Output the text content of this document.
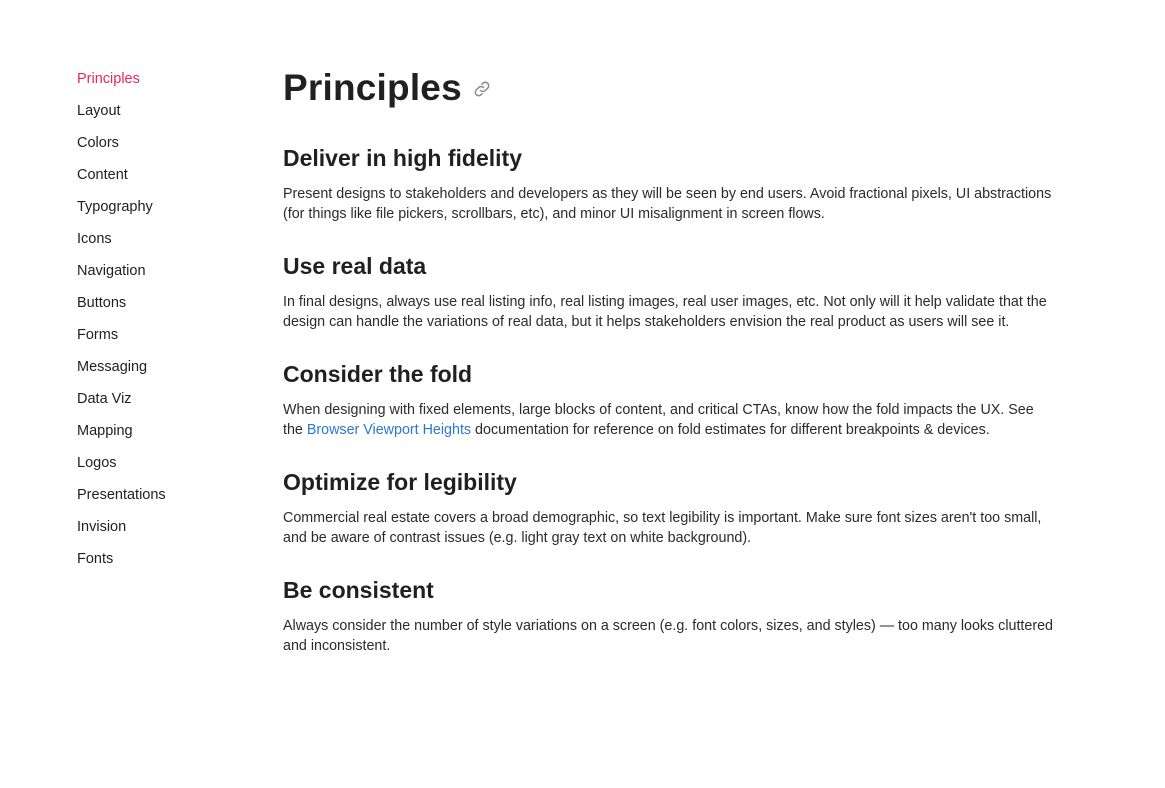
Principles
Layout
Colors
Content
Typography
Icons
Navigation
Buttons
Forms
Messaging
Data Viz
Mapping
Logos
Presentations
Invision
Fonts
Principles
Deliver in high fidelity

Present designs to stakeholders and developers as they will be seen by end users. Avoid fractional pixels, UI abstractions (for things like file pickers, scrollbars, etc), and minor UI misalignment in screen flows.

Use real data

In final designs, always use real listing info, real listing images, real user images, etc. Not only will it help validate that the design can handle the variations of real data, but it helps stakeholders envision the real product as users will see it.

Consider the fold

When designing with fixed elements, large blocks of content, and critical CTAs, know how the fold impacts the UX. See the Browser Viewport Heights documentation for reference on fold estimates for different breakpoints & devices.

Optimize for legibility

Commercial real estate covers a broad demographic, so text legibility is important. Make sure font sizes aren't too small, and be aware of contrast issues (e.g. light gray text on white background).

Be consistent

Always consider the number of style variations on a screen (e.g. font colors, sizes, and styles) — too many looks cluttered and inconsistent.
